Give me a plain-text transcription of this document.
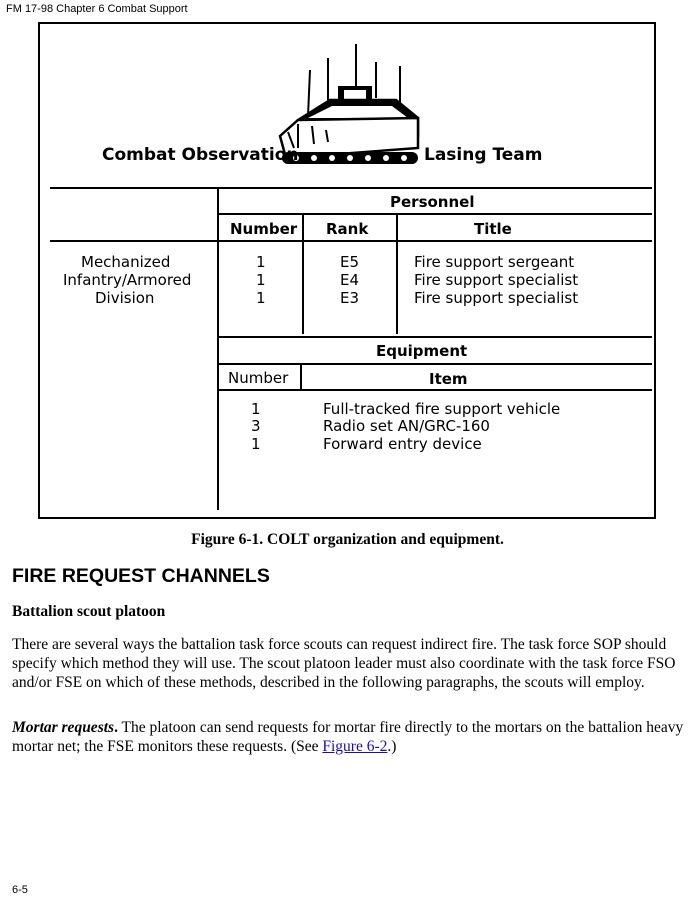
FM 17-98 Chapter 6 Combat Support
Combat Observation	Lasing Team
Personnel
Number Rank	Title
Mechanized
Infantry/Armored
Division
1	E5	Fire support sergeant
1	E4	Fire support specialist
1	E3	Fire support specialist
Equipment
Number	Item
1	Full-tracked fire support vehicle
3	Radio set AN/GRC-160
1	Forward entry device
Figure 6-1. COLT organization and equipment.
FIRE REQUEST CHANNELS
Battalion scout platoon

There are several ways the battalion task force scouts can request indirect fire. The task force SOP should specify which method they will use. The scout platoon leader must also coordinate with the task force FSO and/or FSE on which of these methods, described in the following paragraphs, the scouts will employ.

Mortar requests. The platoon can send requests for mortar fire directly to the mortars on the battalion heavy mortar net; the FSE monitors these requests. (See Figure 6-2.)

6-5
